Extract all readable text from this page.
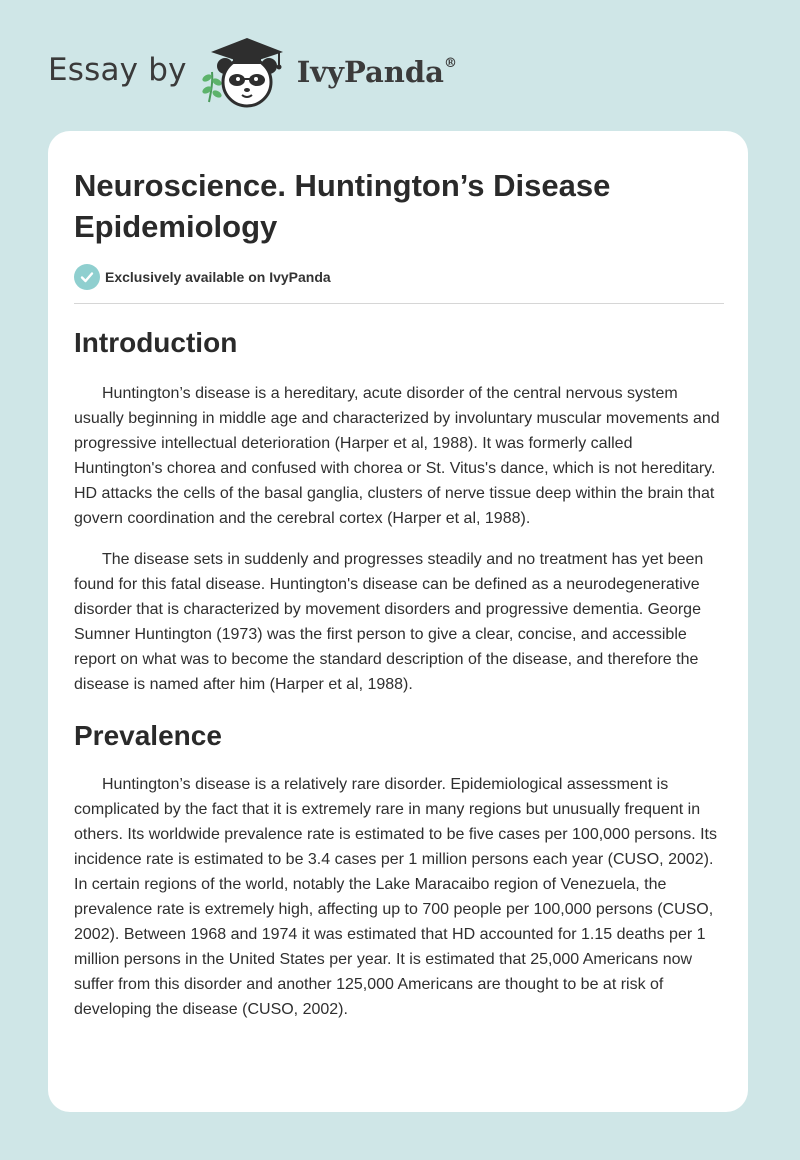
Essay by	IvyPanda®
Neuroscience. Huntington’s Disease Epidemiology
Exclusively available on IvyPanda
Introduction

Huntington’s disease is a hereditary, acute disorder of the central nervous system usually beginning in middle age and characterized by involuntary muscular movements and progressive intellectual deterioration (Harper et al, 1988). It was formerly called Huntington's chorea and confused with chorea or St. Vitus's dance, which is not hereditary. HD attacks the cells of the basal ganglia, clusters of nerve tissue deep within the brain that govern coordination and the cerebral cortex (Harper et al, 1988).

The disease sets in suddenly and progresses steadily and no treatment has yet been found for this fatal disease. Huntington's disease can be defined as a neurodegenerative disorder that is characterized by movement disorders and progressive dementia. George Sumner Huntington (1973) was the first person to give a clear, concise, and accessible report on what was to become the standard description of the disease, and therefore the disease is named after him (Harper et al, 1988).

Prevalence

Huntington’s disease is a relatively rare disorder. Epidemiological assessment is complicated by the fact that it is extremely rare in many regions but unusually frequent in others. Its worldwide prevalence rate is estimated to be five cases per 100,000 persons. Its incidence rate is estimated to be 3.4 cases per 1 million persons each year (CUSO, 2002). In certain regions of the world, notably the Lake Maracaibo region of Venezuela, the prevalence rate is extremely high, affecting up to 700 people per 100,000 persons (CUSO, 2002). Between 1968 and 1974 it was estimated that HD accounted for 1.15 deaths per 1 million persons in the United States per year. It is estimated that 25,000 Americans now suffer from this disorder and another 125,000 Americans are thought to be at risk of developing the disease (CUSO, 2002).
